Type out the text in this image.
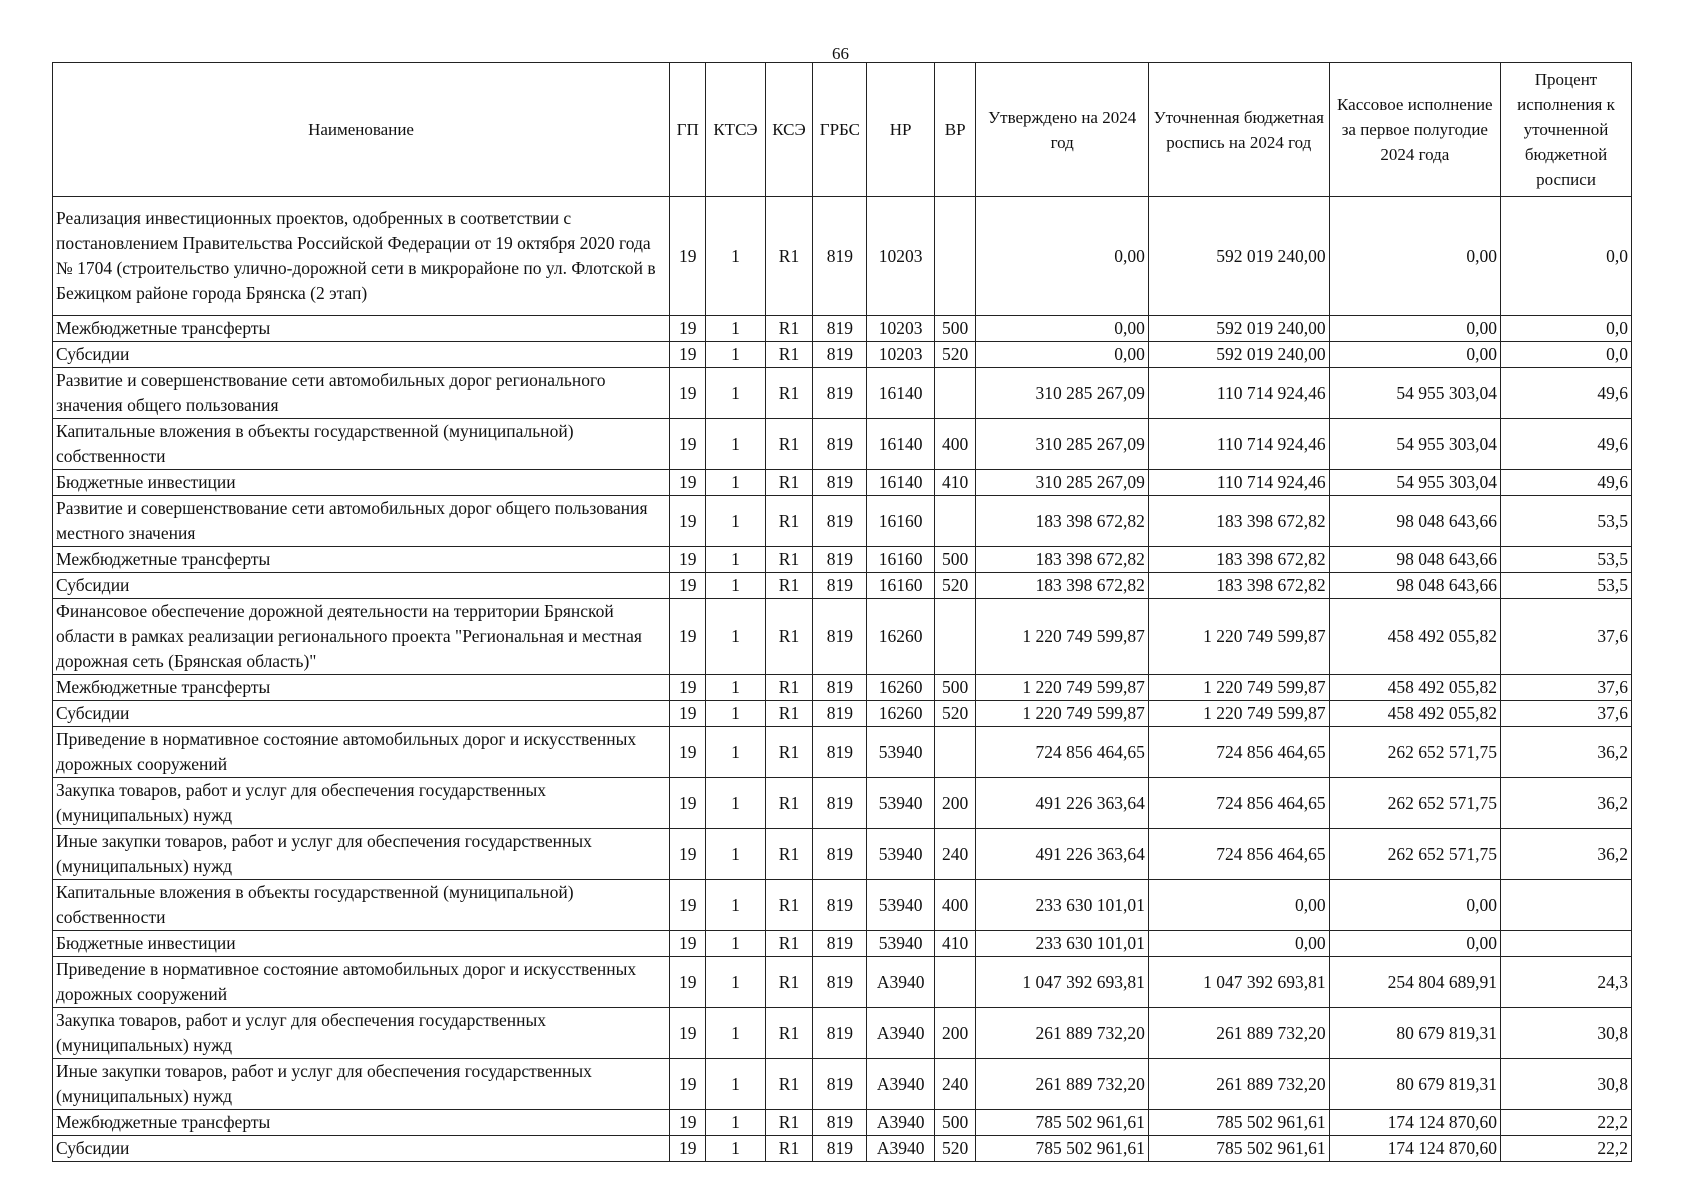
66
Наименование	ГП	КТСЭ	КСЭ	ГРБС	НР	ВР	Утверждено на 2024 год	Уточненная бюджетная роспись на 2024 год	Кассовое исполнение за первое полугодие 2024 года	Процент исполнения к уточненной бюджетной росписи
Реализация инвестиционных проектов, одобренных в соответствии с постановлением Правительства Российской Федерации от 19 октября 2020 года № 1704 (строительство улично-дорожной сети в микрорайоне по ул. Флотской в Бежицком районе города Брянска (2 этап)	19	1	R1	819	10203		0,00	592 019 240,00	0,00	0,0
Межбюджетные трансферты	19	1	R1	819	10203	500	0,00	592 019 240,00	0,00	0,0
Субсидии	19	1	R1	819	10203	520	0,00	592 019 240,00	0,00	0,0
Развитие и совершенствование сети автомобильных дорог регионального значения общего пользования	19	1	R1	819	16140		310 285 267,09	110 714 924,46	54 955 303,04	49,6
Капитальные вложения в объекты государственной (муниципальной) собственности	19	1	R1	819	16140	400	310 285 267,09	110 714 924,46	54 955 303,04	49,6
Бюджетные инвестиции	19	1	R1	819	16140	410	310 285 267,09	110 714 924,46	54 955 303,04	49,6
Развитие и совершенствование сети автомобильных дорог общего пользования местного значения	19	1	R1	819	16160		183 398 672,82	183 398 672,82	98 048 643,66	53,5
Межбюджетные трансферты	19	1	R1	819	16160	500	183 398 672,82	183 398 672,82	98 048 643,66	53,5
Субсидии	19	1	R1	819	16160	520	183 398 672,82	183 398 672,82	98 048 643,66	53,5
Финансовое обеспечение дорожной деятельности на территории Брянской области в рамках реализации регионального проекта "Региональная и местная дорожная сеть (Брянская область)"	19	1	R1	819	16260		1 220 749 599,87	1 220 749 599,87	458 492 055,82	37,6
Межбюджетные трансферты	19	1	R1	819	16260	500	1 220 749 599,87	1 220 749 599,87	458 492 055,82	37,6
Субсидии	19	1	R1	819	16260	520	1 220 749 599,87	1 220 749 599,87	458 492 055,82	37,6
Приведение в нормативное состояние автомобильных дорог и искусственных дорожных сооружений	19	1	R1	819	53940		724 856 464,65	724 856 464,65	262 652 571,75	36,2
Закупка товаров, работ и услуг для обеспечения государственных (муниципальных) нужд	19	1	R1	819	53940	200	491 226 363,64	724 856 464,65	262 652 571,75	36,2
Иные закупки товаров, работ и услуг для обеспечения государственных (муниципальных) нужд	19	1	R1	819	53940	240	491 226 363,64	724 856 464,65	262 652 571,75	36,2
Капитальные вложения в объекты государственной (муниципальной) собственности	19	1	R1	819	53940	400	233 630 101,01	0,00	0,00	
Бюджетные инвестиции	19	1	R1	819	53940	410	233 630 101,01	0,00	0,00	
Приведение в нормативное состояние автомобильных дорог и искусственных дорожных сооружений	19	1	R1	819	А3940		1 047 392 693,81	1 047 392 693,81	254 804 689,91	24,3
Закупка товаров, работ и услуг для обеспечения государственных (муниципальных) нужд	19	1	R1	819	А3940	200	261 889 732,20	261 889 732,20	80 679 819,31	30,8
Иные закупки товаров, работ и услуг для обеспечения государственных (муниципальных) нужд	19	1	R1	819	А3940	240	261 889 732,20	261 889 732,20	80 679 819,31	30,8
Межбюджетные трансферты	19	1	R1	819	А3940	500	785 502 961,61	785 502 961,61	174 124 870,60	22,2
Субсидии	19	1	R1	819	А3940	520	785 502 961,61	785 502 961,61	174 124 870,60	22,2
